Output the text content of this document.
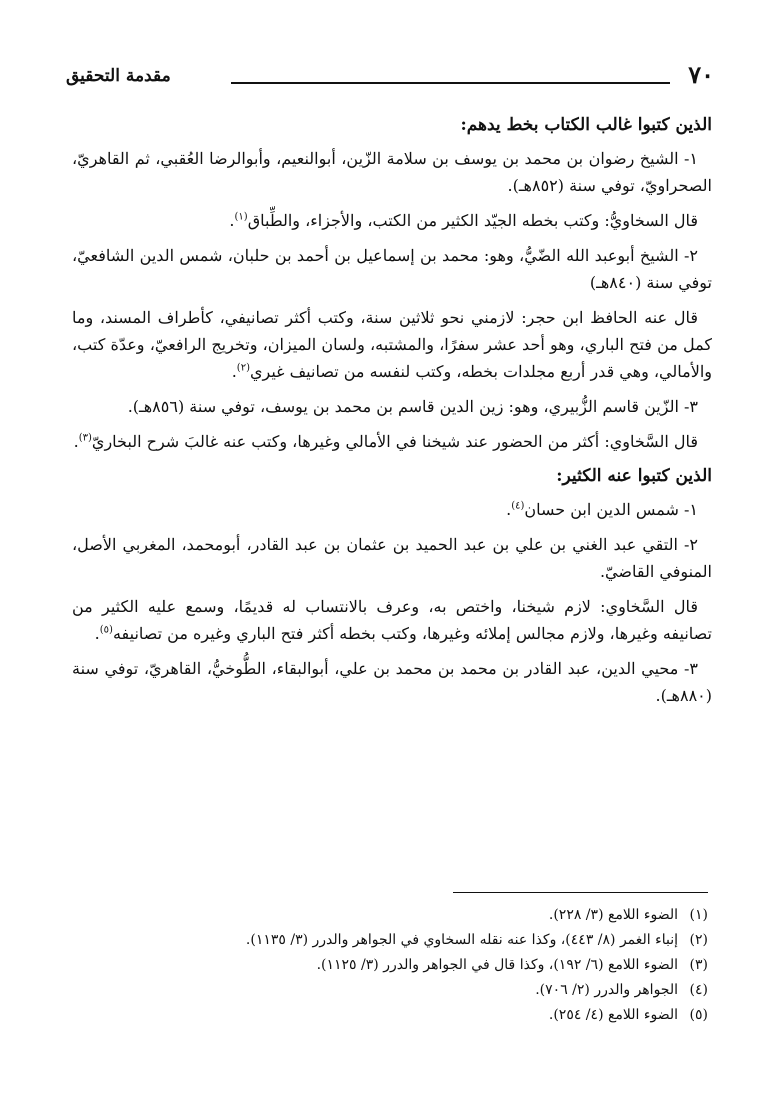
٧٠
مقدمة التحقيق

الذين كتبوا غالب الكتاب بخط يدهم:

١- الشيخ رضوان بن محمد بن يوسف بن سلامة الزّين، أبوالنعيم، وأبوالرضا العُقبي، ثم القاهريّ، الصحراويّ، توفي سنة (٨٥٢هـ).

قال السخاويُّ: وكتب بخطه الجيّد الكثير من الكتب، والأجزاء، والطِّباق$^{(١)}$.

٢- الشيخ أبوعبد الله الضّيُّ، وهو: محمد بن إسماعيل بن أحمد بن حلبان، شمس الدين الشافعيّ، توفي سنة (٨٤٠هـ)

قال عنه الحافظ ابن حجر: لازمني نحو ثلاثين سنة، وكتب أكثر تصانيفي، كأطراف المسند، وما كمل من فتح الباري، وهو أحد عشر سفرًا، والمشتبه، ولسان الميزان، وتخريج الرافعيّ، وعدّة كتب، والأمالي، وهي قدر أربع مجلدات بخطه، وكتب لنفسه من تصانيف غيري$^{(٢)}$.

٣- الزّين قاسم الزُّبيري، وهو: زين الدين قاسم بن محمد بن يوسف، توفي سنة (٨٥٦هـ).

قال السَّخاوي: أكثر من الحضور عند شيخنا في الأمالي وغيرها، وكتب عنه غالبَ شرح البخاريّ$^{(٣)}$.

الذين كتبوا عنه الكثير:

١- شمس الدين ابن حسان$^{(٤)}$.

٢- التقي عبد الغني بن علي بن عبد الحميد بن عثمان بن عبد القادر، أبومحمد، المغربي الأصل، المنوفي القاضيّ.

قال السَّخاوي: لازم شيخنا، واختص به، وعرف بالانتساب له قديمًا، وسمع عليه الكثير من تصانيفه وغيرها، ولازم مجالس إملائه وغيرها، وكتب بخطه أكثر فتح الباري وغيره من تصانيفه$^{(٥)}$.

٣- محيي الدين، عبد القادر بن محمد بن محمد بن علي، أبوالبقاء، الطُّوخيُّ، القاهريّ، توفي سنة (٨٨٠هـ).

(١)
الضوء اللامع (٣/ ٢٢٨).
(٢)
إنباء الغمر (٨/ ٤٤٣)، وكذا عنه نقله السخاوي في الجواهر والدرر (٣/ ١١٣٥).
(٣)
الضوء اللامع (٦/ ١٩٢)، وكذا قال في الجواهر والدرر (٣/ ١١٢٥).
(٤)
الجواهر والدرر (٢/ ٧٠٦).
(٥)
الضوء اللامع (٤/ ٢٥٤).
